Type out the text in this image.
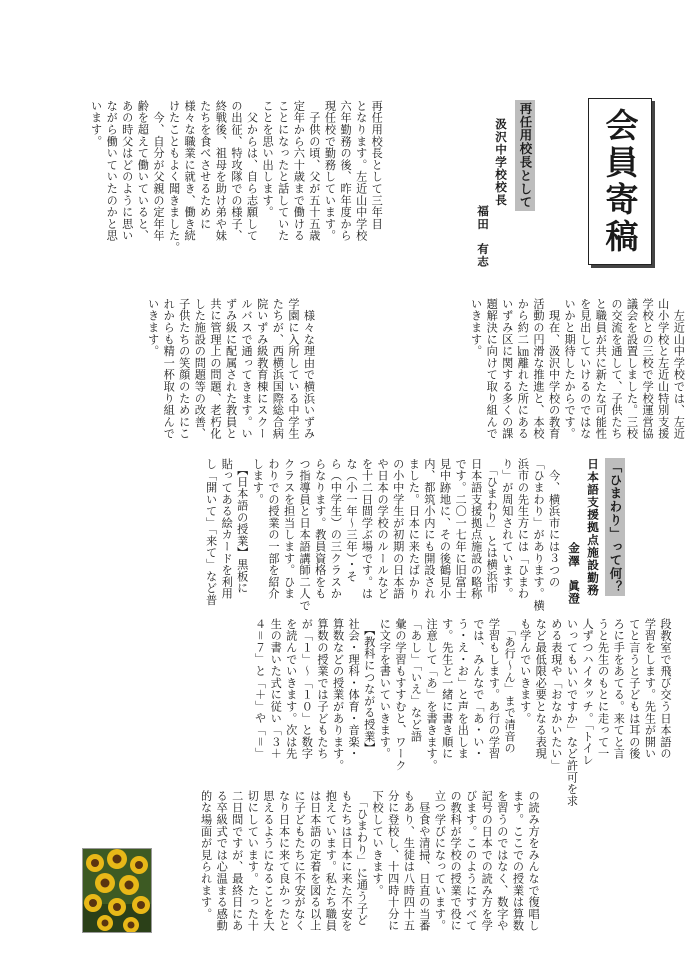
会員寄稿
再任用校長として
汲沢中学校校長
福田　有志
再任用校長として三年目
となります。左近山中学校
六年勤務の後、昨年度から
現任校で勤務しています。
　子供の頃、父が五十五歳
定年から六十歳まで働ける
ことになったと話していた
ことを思い出します。
　父からは、自ら志願して
の出征、特攻隊での様子、
終戦後、祖母を助け弟や妹
たちを食べさせるために
様々な職業に就き、働き続
けたこともよく聞きました。
　今、自分が父親の定年年
齢を超えて働いていると、
あの時父はどのように思い
ながら働いていたのかと思
います。
　左近山中学校では、左近
山小学校と左近山特別支援
学校との三校で学校運営協
議会を設置しました。三校
の交流を通して、子供たち
と職員が共に新たな可能性
を見出していけるのではな
いかと期待したからです。
　現在、汲沢中学校の教育
活動の円滑な推進と、本校
から約二㎞離れた所にある
いずみ区に関する多くの課
題解決に向けて取り組んで
いきます。
　様々な理由で横浜いずみ
学園に入所している中学生
たちが、西横浜国際総合病
院いずみ級教育棟にスクー
ルバスで通ってきます。い
ずみ級に配属された教員と
共に管理上の問題、老朽化
した施設の問題等の改善、
子供たちの笑顔のためにこ
れからも精一杯取り組んで
いきます。
「ひまわり」って何？
日本語支援拠点施設勤務
金澤　眞澄
　今、横浜市には３つの
「ひまわり」があります。横
浜市の先生方には「ひまわ
り」が周知されています。
　「ひまわり」とは横浜市
日本語支援拠点施設の略称
です。二〇一七年に旧富士
見中跡地に、その後鶴見小
内、都筑小内にも開設され
ました。日本に来たばかり
の小中学生が初期の日本語
や日本の学校のルールなど
を十二日間学ぶ場です。は
な（小一年～三年）・そ
ら（中学生）の三クラスか
らなります。教員資格をも
つ指導員と日本語講師二人で
クラスを担当します。ひま
わりでの授業の一部を紹介
します。
　【日本語の授業】黒板に
貼ってある絵カードを利用
し「開いて」「来て」など普
段教室で飛び交う日本語の
学習をします。先生が開い
てと言うと子どもは耳の後
ろに手をあてる。来てと言
うと先生のもとに走って一
人ずつハイタッチ。「トイレ
いってもいいですか」など許可を求
める表現や「おなかいたい」
など最低限必要となる表現
も学んでいきます。
　「あ行～ん」まで清音の
学習もします。あ行の学習
では、みんなで「あ・い・
う・え・お」と声を出しま
す。先生と一緒に書き順に
注意して「あ」を書きます。
「あし」「いえ」など語
彙の学習もすすむと、ワーク
に文字を書いていきます。
　【教科につながる授業】
社会・理科・体育・音楽・
算数などの授業があります。
算数の授業では子どもたち
が「１」～「１０」と数字
を読んでいきます。次は先
生の書いた式に従い「３＋
４＝７」と「＋」や「＝」
の読み方をみんなで復唱し
ます。ここでの授業は算数
を習うのではなく、数字や
記号の日本での読み方を学
びます。このようにすべて
の教科が学校の授業で役に
立つ学びになっています。
　昼食や清掃、日直の当番
もあり、生徒は八時四十五
分に登校し、十四時十分に
下校していきます。
　「ひまわり」に通う子ど
もたちは日本に来た不安を
抱えています。私たち職員
は日本語の定着を図る以上
に子どもたちに不安がなく
なり日本に来て良かったと
思えるようになることを大
切にしています。たった十
二日間ですが、最終日にあ
る卒級式では心温まる感動
的な場面が見られます。
